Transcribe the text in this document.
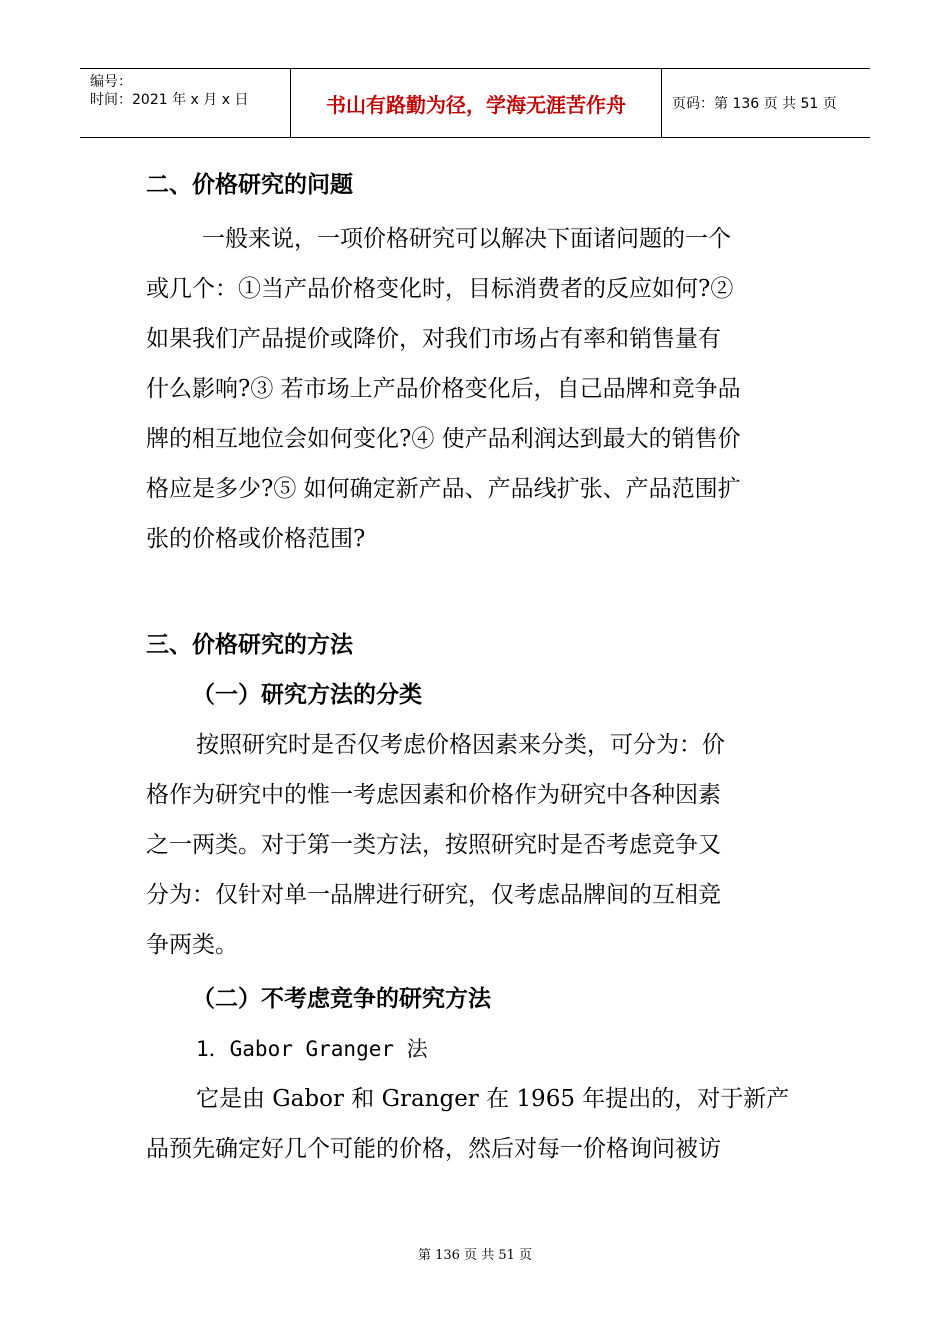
编号：
时间：2021 年 x 月 x 日	书山有路勤为径，学海无涯苦作舟	页码：第 136 页 共 51 页

二、价格研究的问题

一般来说，一项价格研究可以解决下面诸问题的一个

或几个：①当产品价格变化时，目标消费者的反应如何?②

如果我们产品提价或降价，对我们市场占有率和销售量有

什么影响?③ 若市场上产品价格变化后，自己品牌和竞争品

牌的相互地位会如何变化?④ 使产品利润达到最大的销售价

格应是多少?⑤ 如何确定新产品、产品线扩张、产品范围扩

张的价格或价格范围?

三、价格研究的方法

（一）研究方法的分类

按照研究时是否仅考虑价格因素来分类，可分为：价

格作为研究中的惟一考虑因素和价格作为研究中各种因素

之一两类。对于第一类方法，按照研究时是否考虑竞争又

分为：仅针对单一品牌进行研究，仅考虑品牌间的互相竞

争两类。

（二）不考虑竞争的研究方法

1．Gabor Granger 法

它是由 Gabor 和 Granger 在 1965 年提出的，对于新产

品预先确定好几个可能的价格，然后对每一价格询问被访

第 136 页 共 51 页
